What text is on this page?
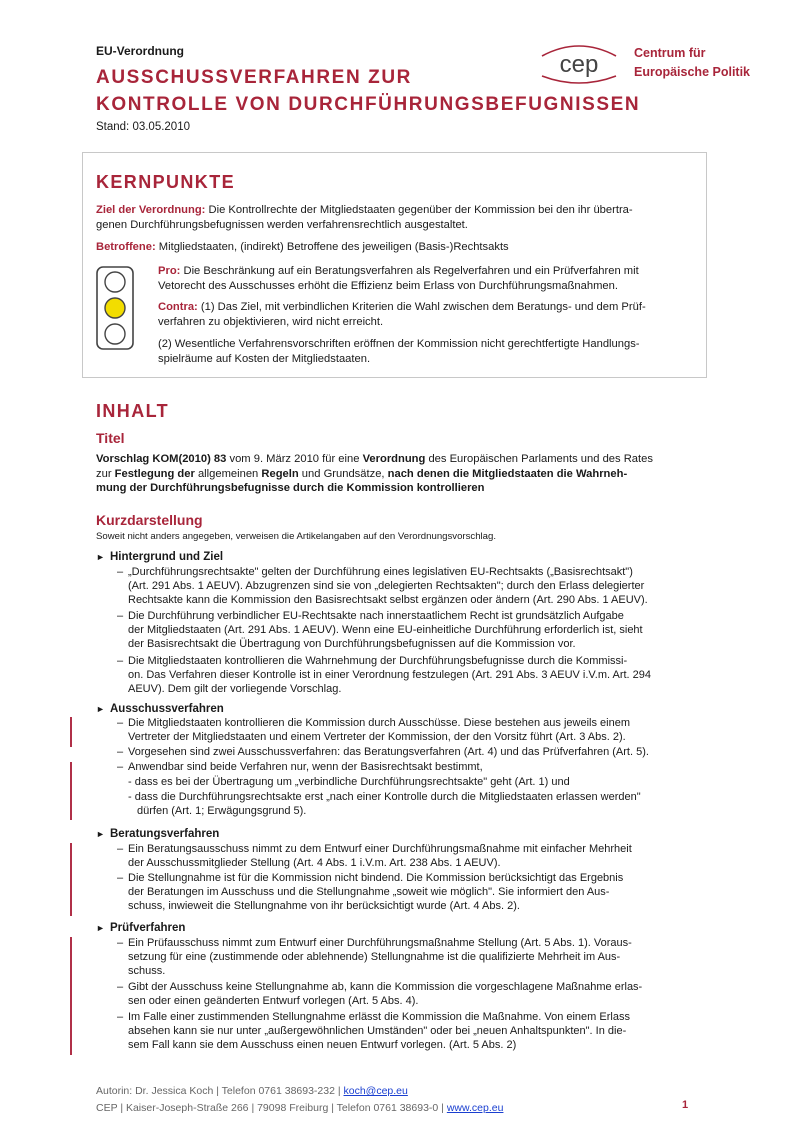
EU-Verordnung
AUSSCHUSSVERFAHREN ZUR
KONTROLLE VON DURCHFÜHRUNGSBEFUGNISSEN
Stand: 03.05.2010
cep	Centrum für
Europäische Politik
KERNPUNKTE
Ziel der Verordnung: Die Kontrollrechte der Mitgliedstaaten gegenüber der Kommission bei den ihr übertra-
genen Durchführungsbefugnissen werden verfahrensrechtlich ausgestaltet.
Betroffene: Mitgliedstaaten, (indirekt) Betroffene des jeweiligen (Basis-)Rechtsakts
Pro: Die Beschränkung auf ein Beratungsverfahren als Regelverfahren und ein Prüfverfahren mit
Vetorecht des Ausschusses erhöht die Effizienz beim Erlass von Durchführungsmaßnahmen.
Contra: (1) Das Ziel, mit verbindlichen Kriterien die Wahl zwischen dem Beratungs- und dem Prüf-
verfahren zu objektivieren, wird nicht erreicht.
(2) Wesentliche Verfahrensvorschriften eröffnen der Kommission nicht gerechtfertigte Handlungs-
spielräume auf Kosten der Mitgliedstaaten.
INHALT
Titel
Vorschlag KOM(2010) 83 vom 9. März 2010 für eine Verordnung des Europäischen Parlaments und des Rates
zur Festlegung der allgemeinen Regeln und Grundsätze, nach denen die Mitgliedstaaten die Wahrneh-
mung der Durchführungsbefugnisse durch die Kommission kontrollieren
Kurzdarstellung
Soweit nicht anders angegeben, verweisen die Artikelangaben auf den Verordnungsvorschlag.
► Hintergrund und Ziel
– „Durchführungsrechtsakte" gelten der Durchführung eines legislativen EU-Rechtsakts („Basisrechtsakt")
(Art. 291 Abs. 1 AEUV). Abzugrenzen sind sie von „delegierten Rechtsakten"; durch den Erlass delegierter
Rechtsakte kann die Kommission den Basisrechtsakt selbst ergänzen oder ändern (Art. 290 Abs. 1 AEUV).
– Die Durchführung verbindlicher EU-Rechtsakte nach innerstaatlichem Recht ist grundsätzlich Aufgabe
der Mitgliedstaaten (Art. 291 Abs. 1 AEUV). Wenn eine EU-einheitliche Durchführung erforderlich ist, sieht
der Basisrechtsakt die Übertragung von Durchführungsbefugnissen auf die Kommission vor.
– Die Mitgliedstaaten kontrollieren die Wahrnehmung der Durchführungsbefugnisse durch die Kommissi-
on. Das Verfahren dieser Kontrolle ist in einer Verordnung festzulegen (Art. 291 Abs. 3 AEUV i.V.m. Art. 294
AEUV). Dem gilt der vorliegende Vorschlag.
► Ausschussverfahren
– Die Mitgliedstaaten kontrollieren die Kommission durch Ausschüsse. Diese bestehen aus jeweils einem
Vertreter der Mitgliedstaaten und einem Vertreter der Kommission, der den Vorsitz führt (Art. 3 Abs. 2).
– Vorgesehen sind zwei Ausschussverfahren: das Beratungsverfahren (Art. 4) und das Prüfverfahren (Art. 5).
– Anwendbar sind beide Verfahren nur, wenn der Basisrechtsakt bestimmt,
- dass es bei der Übertragung um „verbindliche Durchführungsrechtsakte" geht (Art. 1) und
- dass die Durchführungsrechtsakte erst „nach einer Kontrolle durch die Mitgliedstaaten erlassen werden"
dürfen (Art. 1; Erwägungsgrund 5).
► Beratungsverfahren
– Ein Beratungsausschuss nimmt zu dem Entwurf einer Durchführungsmaßnahme mit einfacher Mehrheit
der Ausschussmitglieder Stellung (Art. 4 Abs. 1 i.V.m. Art. 238 Abs. 1 AEUV).
– Die Stellungnahme ist für die Kommission nicht bindend. Die Kommission berücksichtigt das Ergebnis
der Beratungen im Ausschuss und die Stellungnahme „soweit wie möglich". Sie informiert den Aus-
schuss, inwieweit die Stellungnahme von ihr berücksichtigt wurde (Art. 4 Abs. 2).
► Prüfverfahren
– Ein Prüfausschuss nimmt zum Entwurf einer Durchführungsmaßnahme Stellung (Art. 5 Abs. 1). Voraus-
setzung für eine (zustimmende oder ablehnende) Stellungnahme ist die qualifizierte Mehrheit im Aus-
schuss.
– Gibt der Ausschuss keine Stellungnahme ab, kann die Kommission die vorgeschlagene Maßnahme erlas-
sen oder einen geänderten Entwurf vorlegen (Art. 5 Abs. 4).
– Im Falle einer zustimmenden Stellungnahme erlässt die Kommission die Maßnahme. Von einem Erlass
absehen kann sie nur unter „außergewöhnlichen Umständen" oder bei „neuen Anhaltspunkten". In die-
sem Fall kann sie dem Ausschuss einen neuen Entwurf vorlegen. (Art. 5 Abs. 2)
Autorin: Dr. Jessica Koch | Telefon 0761 38693-232 | koch@cep.eu
CEP | Kaiser-Joseph-Straße 266 | 79098 Freiburg | Telefon 0761 38693-0 | www.cep.eu	1
